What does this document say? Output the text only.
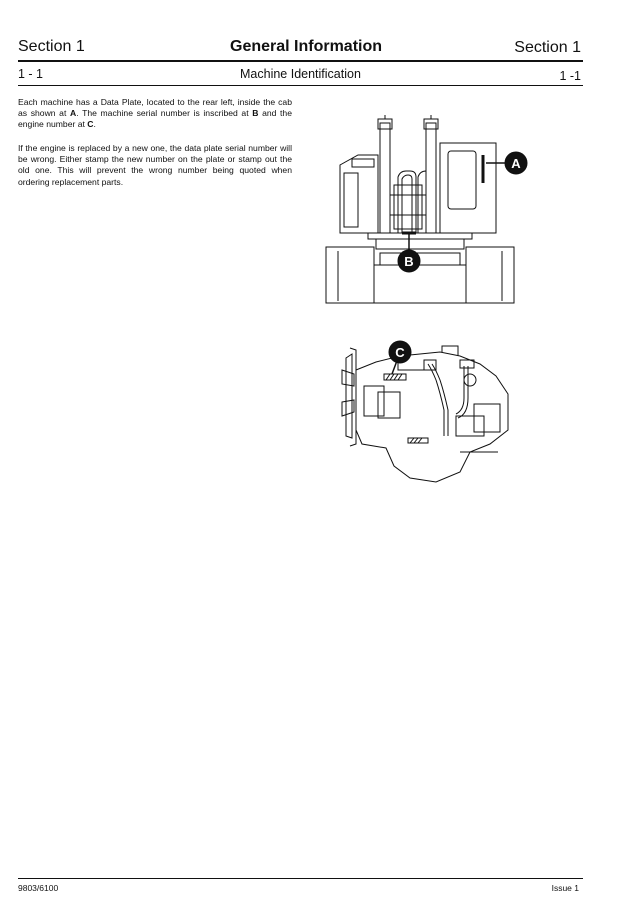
Section 1	General Information	Section 1
1 - 1	Machine Identification	1 -1

Each machine has a Data Plate, located to the rear left, inside the cab as shown at A. The machine serial number is inscribed at B and the engine number at C.

If the engine is replaced by a new one, the data plate serial number will be wrong. Either stamp the new number on the plate or stamp out the old one. This will prevent the wrong number being quoted when ordering replacement parts.

A
B
C
9803/6100	Issue 1
